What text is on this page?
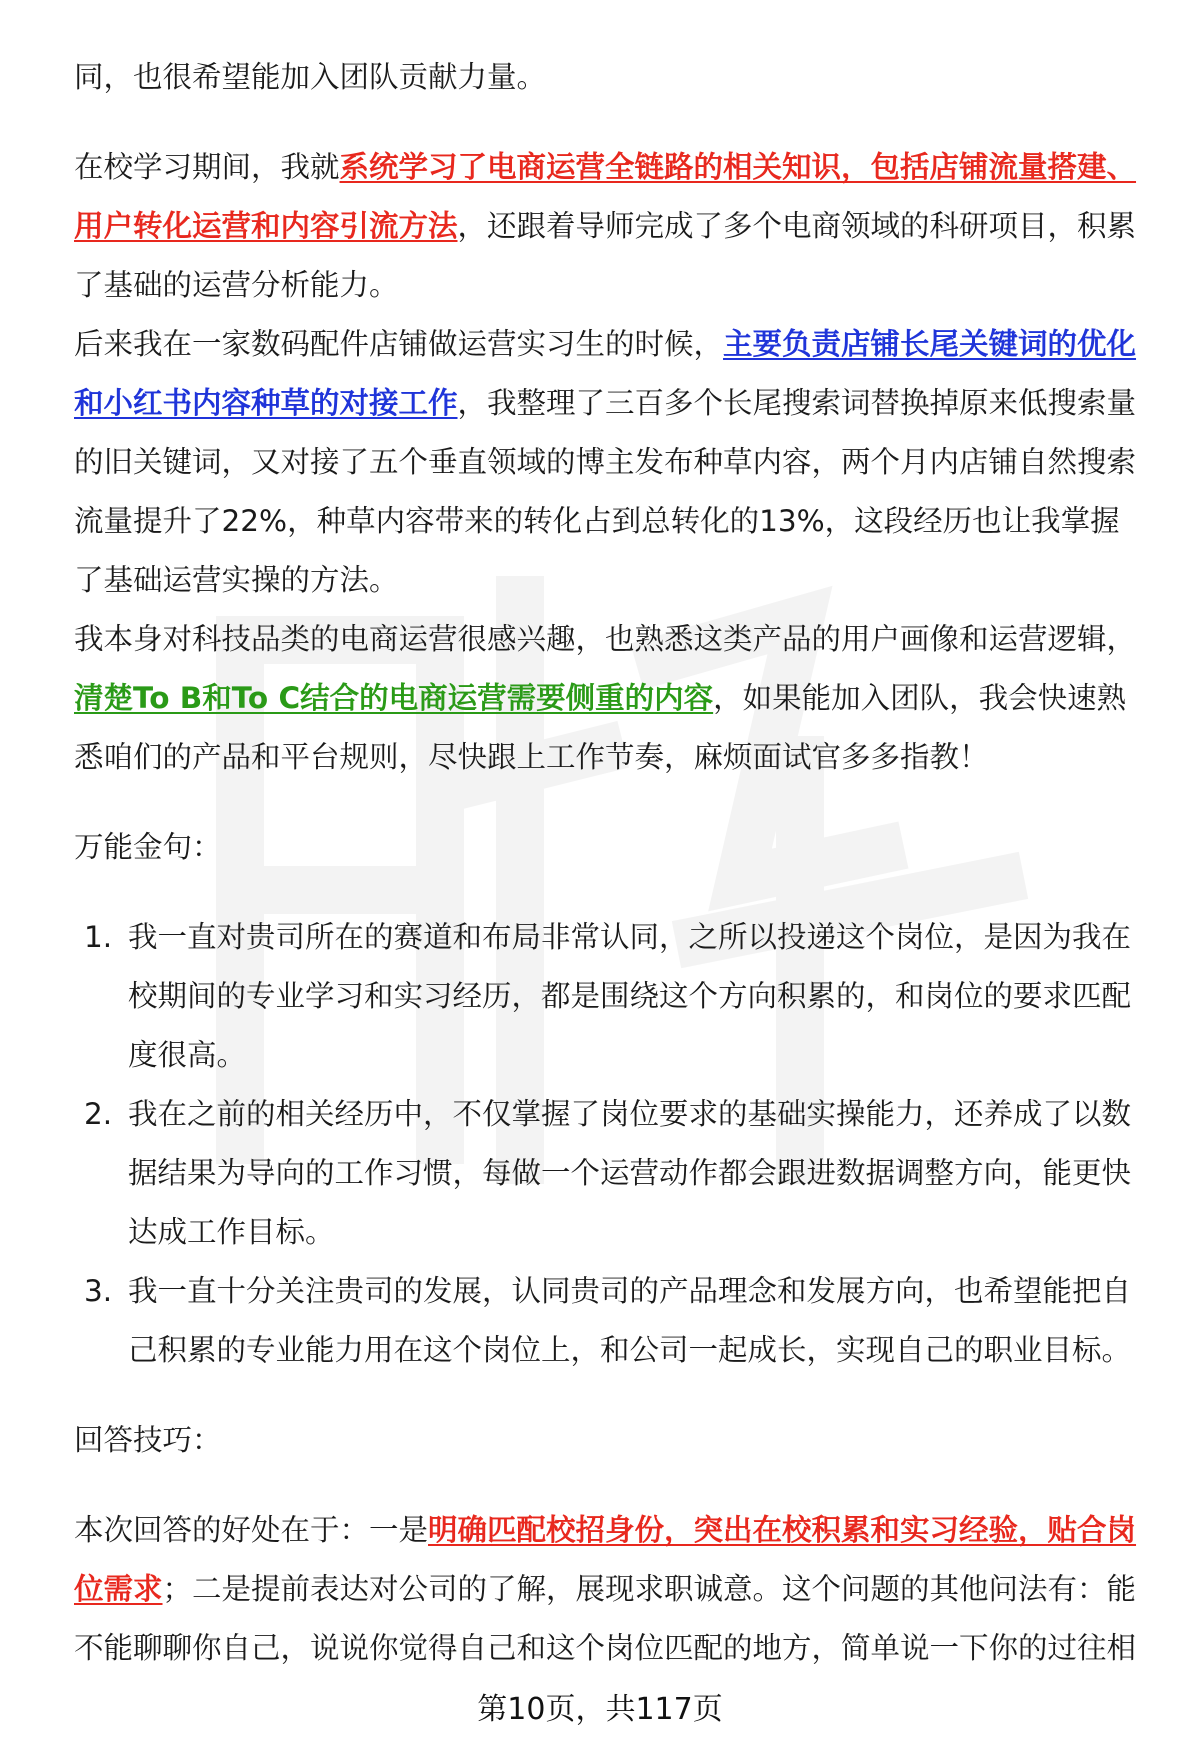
同，也很希望能加入团队贡献力量。

在校学习期间，我就系统学习了电商运营全链路的相关知识，包括店铺流量搭建、用户转化运营和内容引流方法，还跟着导师完成了多个电商领域的科研项目，积累了基础的运营分析能力。

后来我在一家数码配件店铺做运营实习生的时候，主要负责店铺长尾关键词的优化和小红书内容种草的对接工作，我整理了三百多个长尾搜索词替换掉原来低搜索量的旧关键词，又对接了五个垂直领域的博主发布种草内容，两个月内店铺自然搜索流量提升了22%，种草内容带来的转化占到总转化的13%，这段经历也让我掌握了基础运营实操的方法。

我本身对科技品类的电商运营很感兴趣，也熟悉这类产品的用户画像和运营逻辑，清楚To B和To C结合的电商运营需要侧重的内容，如果能加入团队，我会快速熟悉咱们的产品和平台规则，尽快跟上工作节奏，麻烦面试官多多指教！

万能金句：

1. 我一直对贵司所在的赛道和布局非常认同，之所以投递这个岗位，是因为我在校期间的专业学习和实习经历，都是围绕这个方向积累的，和岗位的要求匹配度很高。
2. 我在之前的相关经历中，不仅掌握了岗位要求的基础实操能力，还养成了以数据结果为导向的工作习惯，每做一个运营动作都会跟进数据调整方向，能更快达成工作目标。
3. 我一直十分关注贵司的发展，认同贵司的产品理念和发展方向，也希望能把自己积累的专业能力用在这个岗位上，和公司一起成长，实现自己的职业目标。

回答技巧：

本次回答的好处在于：一是明确匹配校招身份，突出在校积累和实习经验，贴合岗位需求；二是提前表达对公司的了解，展现求职诚意。这个问题的其他问法有：能不能聊聊你自己，说说你觉得自己和这个岗位匹配的地方，简单说一下你的过往相

第10页，共117页
